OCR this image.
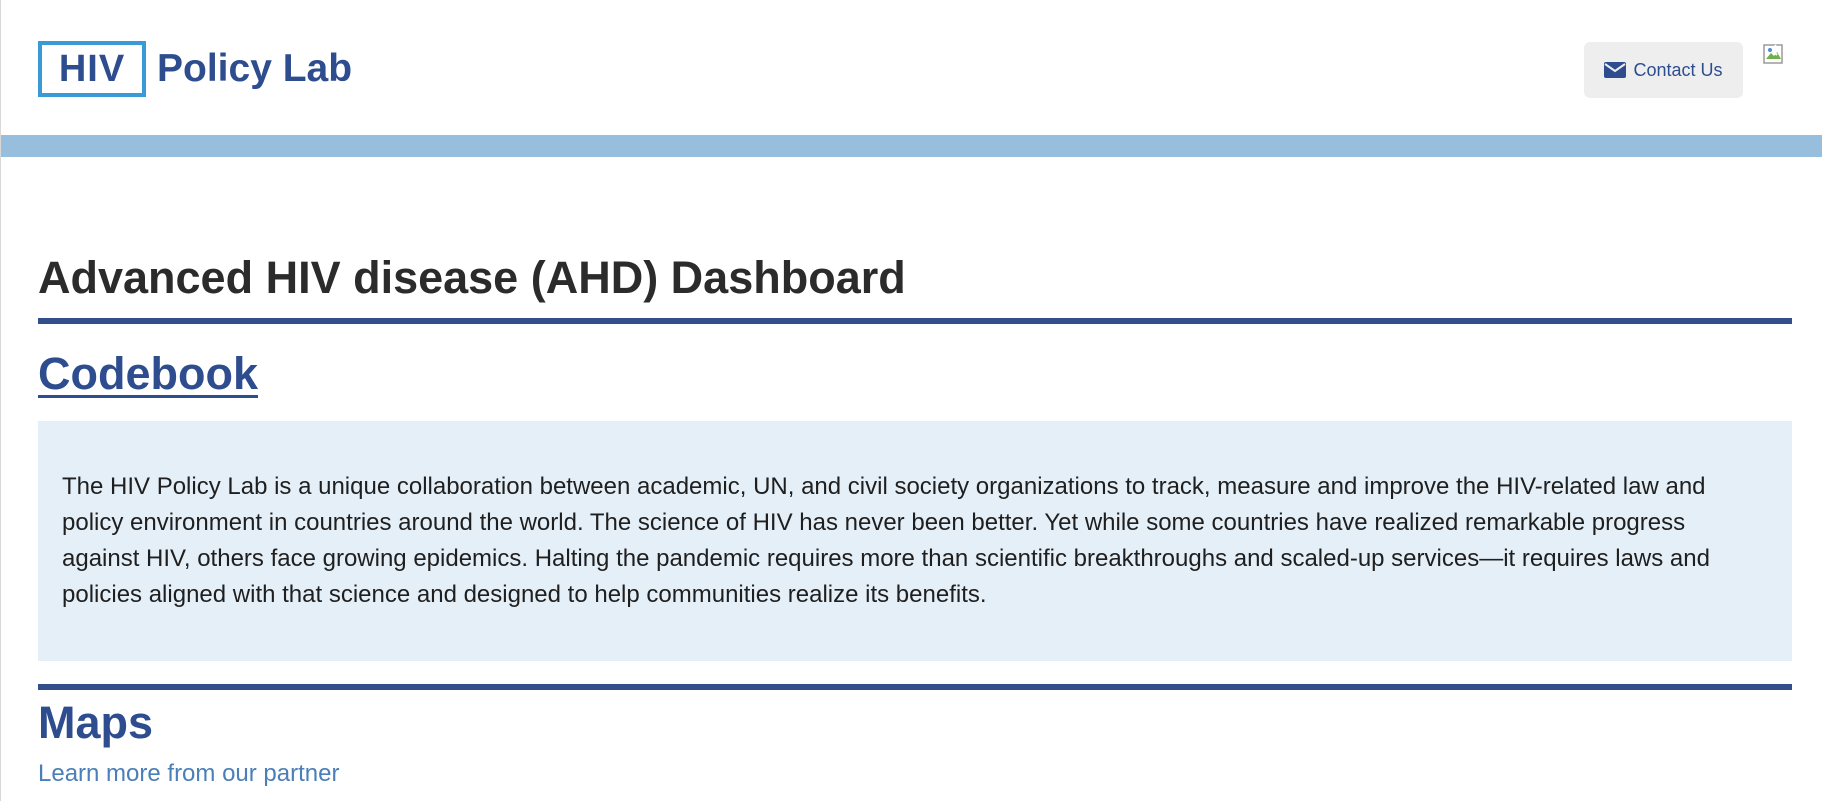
HIV Policy Lab	Contact Us
Advanced HIV disease (AHD) Dashboard
Codebook

The HIV Policy Lab is a unique collaboration between academic, UN, and civil society organizations to track, measure and improve the HIV-related law and policy environment in countries around the world. The science of HIV has never been better. Yet while some countries have realized remarkable progress against HIV, others face growing epidemics. Halting the pandemic requires more than scientific breakthroughs and scaled-up services—it requires laws and policies aligned with that science and designed to help communities realize its benefits.

Maps
Learn more from our partner
